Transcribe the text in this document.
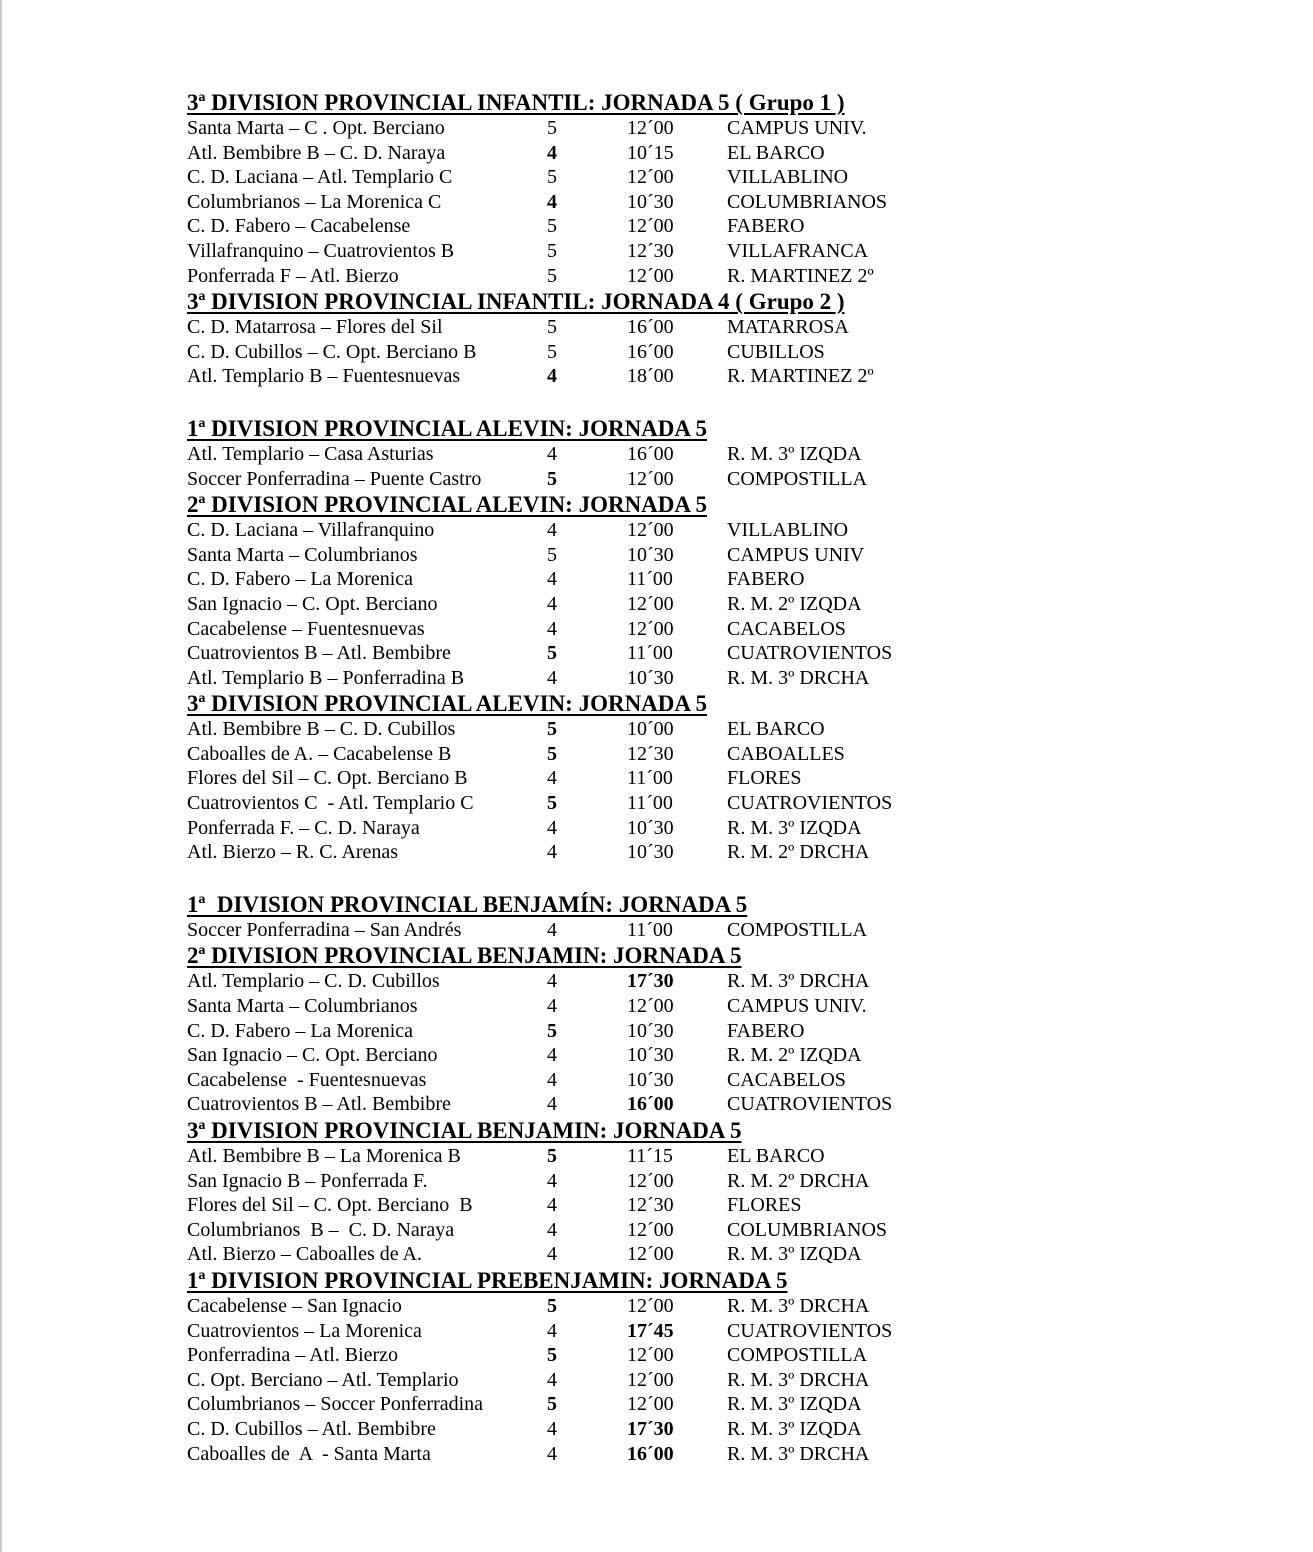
3ª DIVISION PROVINCIAL INFANTIL: JORNADA 5 ( Grupo 1 )
Santa Marta – C . Opt. Berciano	5	12´00	CAMPUS UNIV.
Atl. Bembibre B – C. D. Naraya	4	10´15	EL BARCO
C. D. Laciana – Atl. Templario C	5	12´00	VILLABLINO
Columbrianos – La Morenica C	4	10´30	COLUMBRIANOS
C. D. Fabero – Cacabelense	5	12´00	FABERO
Villafranquino – Cuatrovientos B	5	12´30	VILLAFRANCA
Ponferrada F – Atl. Bierzo	5	12´00	R. MARTINEZ 2º
3ª DIVISION PROVINCIAL INFANTIL: JORNADA 4 ( Grupo 2 )
C. D. Matarrosa – Flores del Sil	5	16´00	MATARROSA
C. D. Cubillos – C. Opt. Berciano B	5	16´00	CUBILLOS
Atl. Templario B – Fuentesnuevas	4	18´00	R. MARTINEZ 2º
1ª DIVISION PROVINCIAL ALEVIN: JORNADA 5
Atl. Templario – Casa Asturias	4	16´00	R. M. 3º IZQDA
Soccer Ponferradina – Puente Castro	5	12´00	COMPOSTILLA
2ª DIVISION PROVINCIAL ALEVIN: JORNADA 5
C. D. Laciana – Villafranquino	4	12´00	VILLABLINO
Santa Marta – Columbrianos	5	10´30	CAMPUS UNIV
C. D. Fabero – La Morenica	4	11´00	FABERO
San Ignacio – C. Opt. Berciano	4	12´00	R. M. 2º IZQDA
Cacabelense – Fuentesnuevas	4	12´00	CACABELOS
Cuatrovientos B – Atl. Bembibre	5	11´00	CUATROVIENTOS
Atl. Templario B – Ponferradina B	4	10´30	R. M. 3º DRCHA
3ª DIVISION PROVINCIAL ALEVIN: JORNADA 5
Atl. Bembibre B – C. D. Cubillos	5	10´00	EL BARCO
Caboalles de A. – Cacabelense B	5	12´30	CABOALLES
Flores del Sil – C. Opt. Berciano B	4	11´00	FLORES
Cuatrovientos C  - Atl. Templario C	5	11´00	CUATROVIENTOS
Ponferrada F. – C. D. Naraya	4	10´30	R. M. 3º IZQDA
Atl. Bierzo – R. C. Arenas	4	10´30	R. M. 2º DRCHA
1ª  DIVISION PROVINCIAL BENJAMÍN: JORNADA 5
Soccer Ponferradina – San Andrés	4	11´00	COMPOSTILLA
2ª DIVISION PROVINCIAL BENJAMIN: JORNADA 5
Atl. Templario – C. D. Cubillos	4	17´30	R. M. 3º DRCHA
Santa Marta – Columbrianos	4	12´00	CAMPUS UNIV.
C. D. Fabero – La Morenica	5	10´30	FABERO
San Ignacio – C. Opt. Berciano	4	10´30	R. M. 2º IZQDA
Cacabelense  - Fuentesnuevas	4	10´30	CACABELOS
Cuatrovientos B – Atl. Bembibre	4	16´00	CUATROVIENTOS
3ª DIVISION PROVINCIAL BENJAMIN: JORNADA 5
Atl. Bembibre B – La Morenica B	5	11´15	EL BARCO
San Ignacio B – Ponferrada F.	4	12´00	R. M. 2º DRCHA
Flores del Sil – C. Opt. Berciano  B	4	12´30	FLORES
Columbrianos  B –  C. D. Naraya	4	12´00	COLUMBRIANOS
Atl. Bierzo – Caboalles de A.	4	12´00	R. M. 3º IZQDA
1ª DIVISION PROVINCIAL PREBENJAMIN: JORNADA 5
Cacabelense – San Ignacio	5	12´00	R. M. 3º DRCHA
Cuatrovientos – La Morenica	4	17´45	CUATROVIENTOS
Ponferradina – Atl. Bierzo	5	12´00	COMPOSTILLA
C. Opt. Berciano – Atl. Templario	4	12´00	R. M. 3º DRCHA
Columbrianos – Soccer Ponferradina	5	12´00	R. M. 3º IZQDA
C. D. Cubillos – Atl. Bembibre	4	17´30	R. M. 3º IZQDA
Caboalles de  A  - Santa Marta	4	16´00	R. M. 3º DRCHA
